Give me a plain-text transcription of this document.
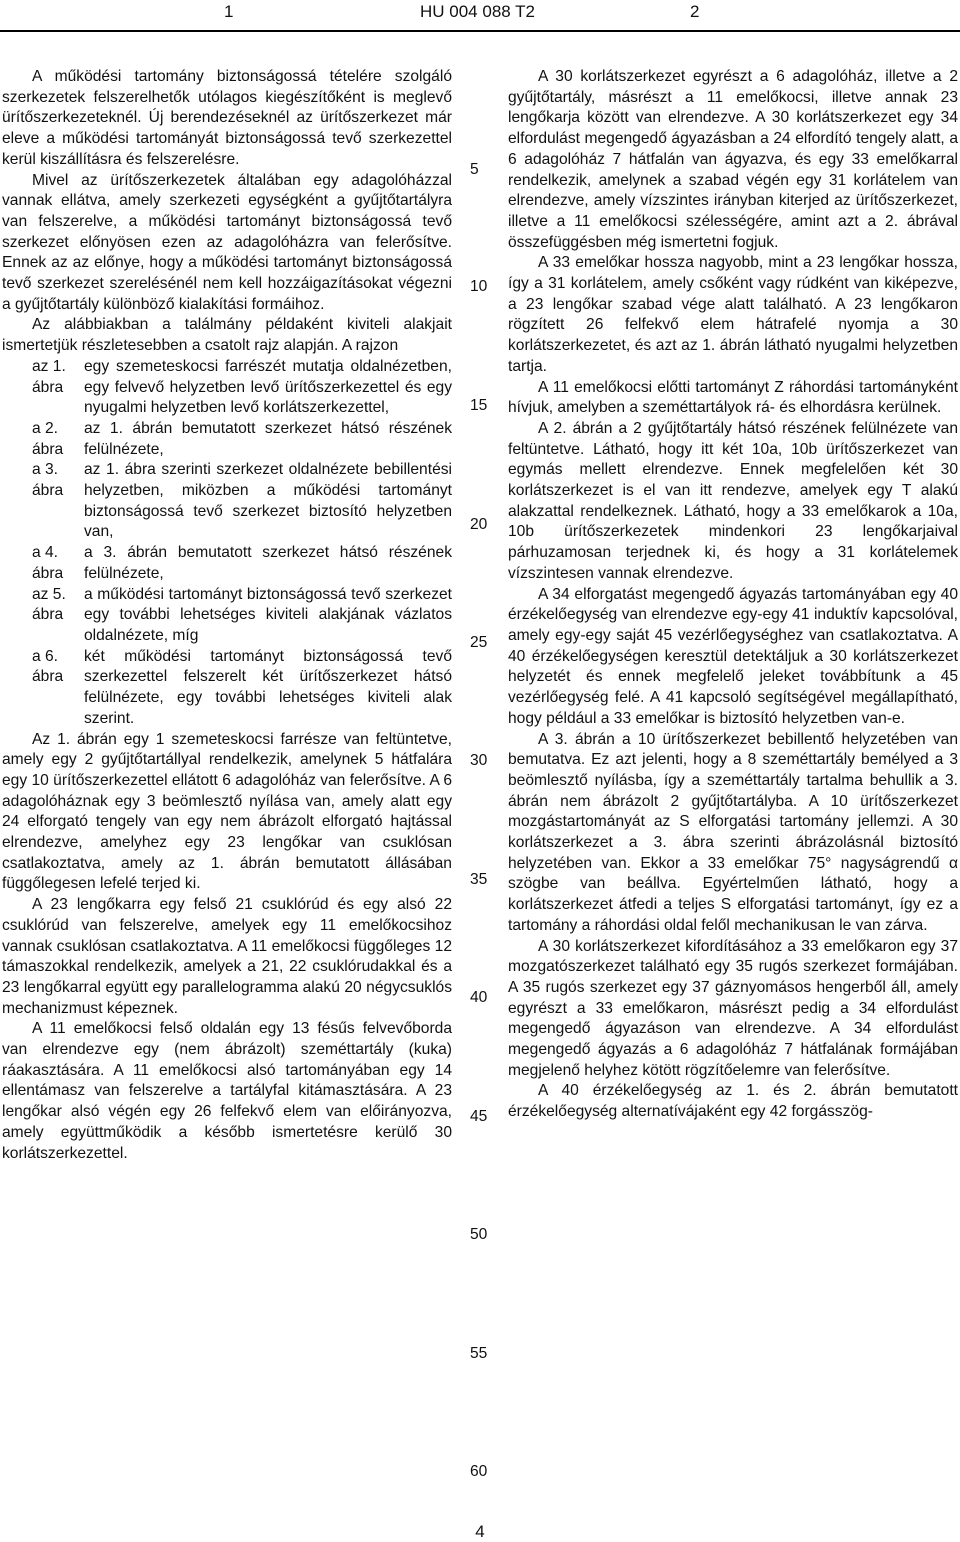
1	HU 004 088 T2	2

A működési tartomány biztonságossá tételére szolgáló szerkezetek felszerelhetők utólagos kiegészítőként is meglevő ürítőszerkezeteknél. Új berendezéseknél az ürítőszerkezet már eleve a működési tartományát biztonságossá tevő szerkezettel kerül kiszállításra és felszerelésre.

Mivel az ürítőszerkezetek általában egy adagolóházzal vannak ellátva, amely szerkezeti egységként a gyűjtőtartályra van felszerelve, a működési tartományt biztonságossá tevő szerkezet előnyösen ezen az adagolóházra van felerősítve. Ennek az az előnye, hogy a működési tartományt biztonságossá tevő szerkezet szerelésénél nem kell hozzáigazításokat végezni a gyűjtőtartály különböző kialakítási formáihoz.

Az alábbiakban a találmány példaként kiviteli alakjait ismertetjük részletesebben a csatolt rajz alapján. A rajzon

az 1. ábra
egy szemeteskocsi farrészét mutatja oldalnézetben, egy felvevő helyzetben levő ürítőszerkezettel és egy nyugalmi helyzetben levő korlátszerkezettel,
a 2. ábra
az 1. ábrán bemutatott szerkezet hátsó részének felülnézete,
a 3. ábra
az 1. ábra szerinti szerkezet oldalnézete bebillentési helyzetben, miközben a működési tartományt biztonságossá tevő szerkezet biztosító helyzetben van,
a 4. ábra
a 3. ábrán bemutatott szerkezet hátsó részének felülnézete,
az 5. ábra
a működési tartományt biztonságossá tevő szerkezet egy további lehetséges kiviteli alakjának vázlatos oldalnézete, míg
a 6. ábra
két működési tartományt biztonságossá tevő szerkezettel felszerelt két ürítőszerkezet hátsó felülnézete, egy további lehetséges kiviteli alak szerint.

Az 1. ábrán egy 1 szemeteskocsi farrésze van feltüntetve, amely egy 2 gyűjtőtartállyal rendelkezik, amelynek 5 hátfalára egy 10 ürítőszerkezettel ellátott 6 adagolóház van felerősítve. A 6 adagolóháznak egy 3 beömlesztő nyílása van, amely alatt egy 24 elforgató tengely van egy nem ábrázolt elforgató hajtással elrendezve, amelyhez egy 23 lengőkar van csuklósan csatlakoztatva, amely az 1. ábrán bemutatott állásában függőlegesen lefelé terjed ki.

A 23 lengőkarra egy felső 21 csuklórúd és egy alsó 22 csuklórúd van felszerelve, amelyek egy 11 emelőkocsihoz vannak csuklósan csatlakoztatva. A 11 emelőkocsi függőleges 12 támaszokkal rendelkezik, amelyek a 21, 22 csuklórudakkal és a 23 lengőkarral együtt egy parallelogramma alakú 20 négycsuklós mechanizmust képeznek.

A 11 emelőkocsi felső oldalán egy 13 fésűs felvevőborda van elrendezve egy (nem ábrázolt) szeméttartály (kuka) ráakasztására. A 11 emelőkocsi alsó tartományában egy 14 ellentámasz van felszerelve a tartályfal kitámasztására. A 23 lengőkar alsó végén egy 26 felfekvő elem van előirányozva, amely együttműködik a később ismertetésre kerülő 30 korlátszerkezettel.

5
10
15
20
25
30
35
40
45
50
55
60

A 30 korlátszerkezet egyrészt a 6 adagolóház, illetve a 2 gyűjtőtartály, másrészt a 11 emelőkocsi, illetve annak 23 lengőkarja között van elrendezve. A 30 korlátszerkezet egy 34 elfordulást megengedő ágyazásban a 24 elfordító tengely alatt, a 6 adagolóház 7 hátfalán van ágyazva, és egy 33 emelőkarral rendelkezik, amelynek a szabad végén egy 31 korlátelem van elrendezve, amely vízszintes irányban kiterjed az ürítőszerkezet, illetve a 11 emelőkocsi szélességére, amint azt a 2. ábrával összefüggésben még ismertetni fogjuk.

A 33 emelőkar hossza nagyobb, mint a 23 lengőkar hossza, így a 31 korlátelem, amely csőként vagy rúdként van kiképezve, a 23 lengőkar szabad vége alatt található. A 23 lengőkaron rögzített 26 felfekvő elem hátrafelé nyomja a 30 korlátszerkezetet, és azt az 1. ábrán látható nyugalmi helyzetben tartja.

A 11 emelőkocsi előtti tartományt Z ráhordási tartományként hívjuk, amelyben a szeméttartályok rá- és elhordásra kerülnek.

A 2. ábrán a 2 gyűjtőtartály hátsó részének felülnézete van feltüntetve. Látható, hogy itt két 10a, 10b ürítőszerkezet van egymás mellett elrendezve. Ennek megfelelően két 30 korlátszerkezet is el van itt rendezve, amelyek egy T alakú alakzattal rendelkeznek. Látható, hogy a 33 emelőkarok a 10a, 10b ürítőszerkezetek mindenkori 23 lengőkarjaival párhuzamosan terjednek ki, és hogy a 31 korlátelemek vízszintesen vannak elrendezve.

A 34 elforgatást megengedő ágyazás tartományában egy 40 érzékelőegység van elrendezve egy-egy 41 induktív kapcsolóval, amely egy-egy saját 45 vezérlőegységhez van csatlakoztatva. A 40 érzékelőegységen keresztül detektáljuk a 30 korlátszerkezet helyzetét és ennek megfelelő jeleket továbbítunk a 45 vezérlőegység felé. A 41 kapcsoló segítségével megállapítható, hogy például a 33 emelőkar is biztosító helyzetben van-e.

A 3. ábrán a 10 ürítőszerkezet bebillentő helyzetében van bemutatva. Ez azt jelenti, hogy a 8 szeméttartály bemélyed a 3 beömlesztő nyílásba, így a szeméttartály tartalma behullik a 3. ábrán nem ábrázolt 2 gyűjtőtartályba. A 10 ürítőszerkezet mozgástartományát az S elforgatási tartomány jellemzi. A 30 korlátszerkezet a 3. ábra szerinti ábrázolásnál biztosító helyzetében van. Ekkor a 33 emelőkar 75° nagyságrendű α szögbe van beállva. Egyértelműen látható, hogy a korlátszerkezet átfedi a teljes S elforgatási tartományt, így ez a tartomány a ráhordási oldal felől mechanikusan le van zárva.

A 30 korlátszerkezet kifordításához a 33 emelőkaron egy 37 mozgatószerkezet található egy 35 rugós szerkezet formájában. A 35 rugós szerkezet egy 37 gáznyomásos hengerből áll, amely egyrészt a 33 emelőkaron, másrészt pedig a 34 elfordulást megengedő ágyazáson van elrendezve. A 34 elfordulást megengedő ágyazás a 6 adagolóház 7 hátfalának formájában megjelenő helyhez kötött rögzítőelemre van felerősítve.

A 40 érzékelőegység az 1. és 2. ábrán bemutatott érzékelőegység alternatívájaként egy 42 forgásszög-

4
